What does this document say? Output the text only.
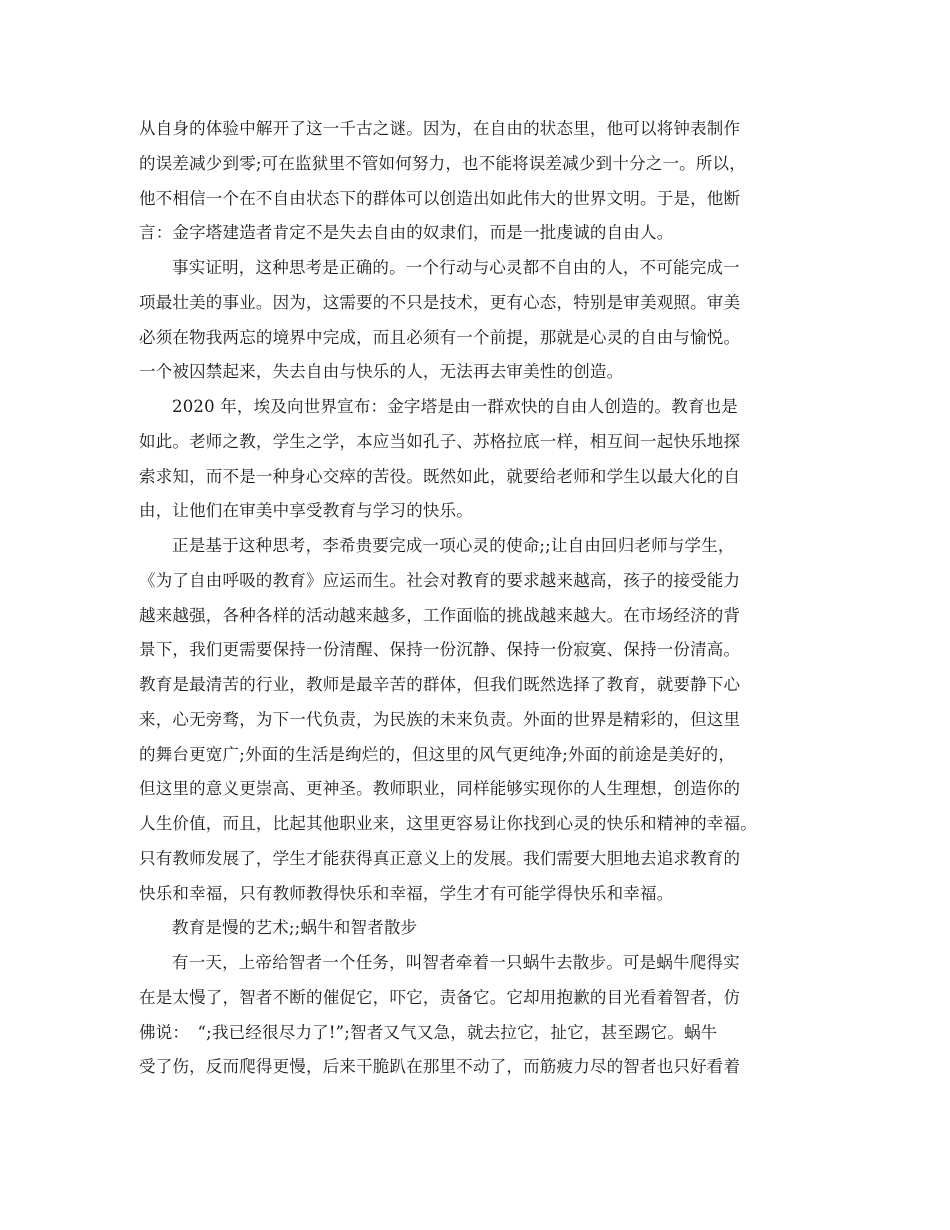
从自身的体验中解开了这一千古之谜。因为，在自由的状态里，他可以将钟表制作
的误差减少到零;可在监狱里不管如何努力，也不能将误差减少到十分之一。所以，
他不相信一个在不自由状态下的群体可以创造出如此伟大的世界文明。于是，他断
言：金字塔建造者肯定不是失去自由的奴隶们，而是一批虔诚的自由人。
事实证明，这种思考是正确的。一个行动与心灵都不自由的人，不可能完成一
项最壮美的事业。因为，这需要的不只是技术，更有心态，特别是审美观照。审美
必须在物我两忘的境界中完成，而且必须有一个前提，那就是心灵的自由与愉悦。
一个被囚禁起来，失去自由与快乐的人，无法再去审美性的创造。
2020 年，埃及向世界宣布：金字塔是由一群欢快的自由人创造的。教育也是
如此。老师之教，学生之学，本应当如孔子、苏格拉底一样，相互间一起快乐地探
索求知，而不是一种身心交瘁的苦役。既然如此，就要给老师和学生以最大化的自
由，让他们在审美中享受教育与学习的快乐。
正是基于这种思考，李希贵要完成一项心灵的使命;;让自由回归老师与学生，
《为了自由呼吸的教育》应运而生。社会对教育的要求越来越高，孩子的接受能力
越来越强，各种各样的活动越来越多，工作面临的挑战越来越大。在市场经济的背
景下，我们更需要保持一份清醒、保持一份沉静、保持一份寂寞、保持一份清高。
教育是最清苦的行业，教师是最辛苦的群体，但我们既然选择了教育，就要静下心
来，心无旁骛，为下一代负责，为民族的未来负责。外面的世界是精彩的，但这里
的舞台更宽广;外面的生活是绚烂的，但这里的风气更纯净;外面的前途是美好的，
但这里的意义更崇高、更神圣。教师职业，同样能够实现你的人生理想，创造你的
人生价值，而且，比起其他职业来，这里更容易让你找到心灵的快乐和精神的幸福。
只有教师发展了，学生才能获得真正意义上的发展。我们需要大胆地去追求教育的
快乐和幸福，只有教师教得快乐和幸福，学生才有可能学得快乐和幸福。
教育是慢的艺术;;蜗牛和智者散步
有一天，上帝给智者一个任务，叫智者牵着一只蜗牛去散步。可是蜗牛爬得实
在是太慢了，智者不断的催促它，吓它，责备它。它却用抱歉的目光看着智者，仿
佛说：　“;我已经很尽力了!”;智者又气又急，就去拉它，扯它，甚至踢它。蜗牛
受了伤，反而爬得更慢，后来干脆趴在那里不动了，而筋疲力尽的智者也只好看着
